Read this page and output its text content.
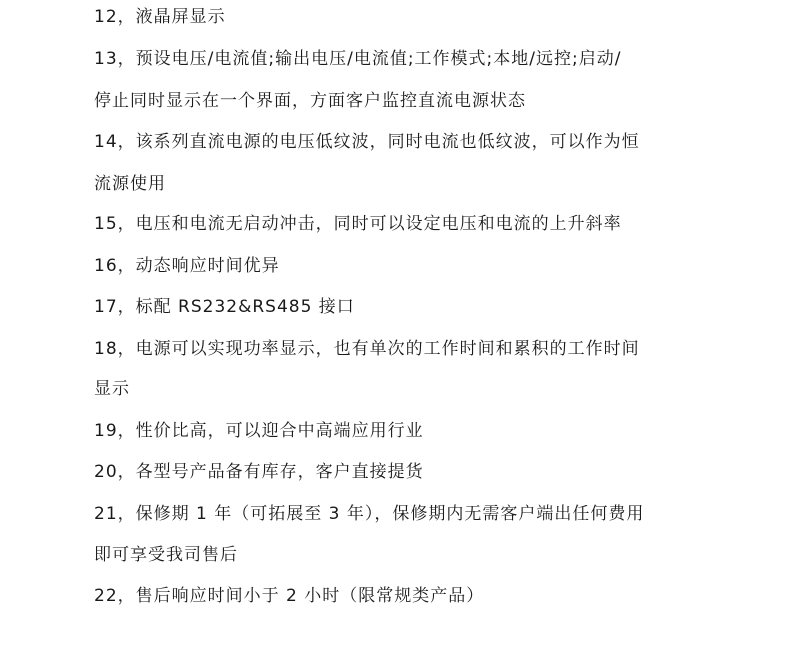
12，液晶屏显示
13，预设电压/电流值;输出电压/电流值;工作模式;本地/远控;启动/
停止同时显示在一个界面，方面客户监控直流电源状态
14，该系列直流电源的电压低纹波，同时电流也低纹波，可以作为恒
流源使用
15，电压和电流无启动冲击，同时可以设定电压和电流的上升斜率
16，动态响应时间优异
17，标配 RS232&RS485 接口
18，电源可以实现功率显示，也有单次的工作时间和累积的工作时间
显示
19，性价比高，可以迎合中高端应用行业
20，各型号产品备有库存，客户直接提货
21，保修期 1 年（可拓展至 3 年），保修期内无需客户端出任何费用
即可享受我司售后
22，售后响应时间小于 2 小时（限常规类产品）
